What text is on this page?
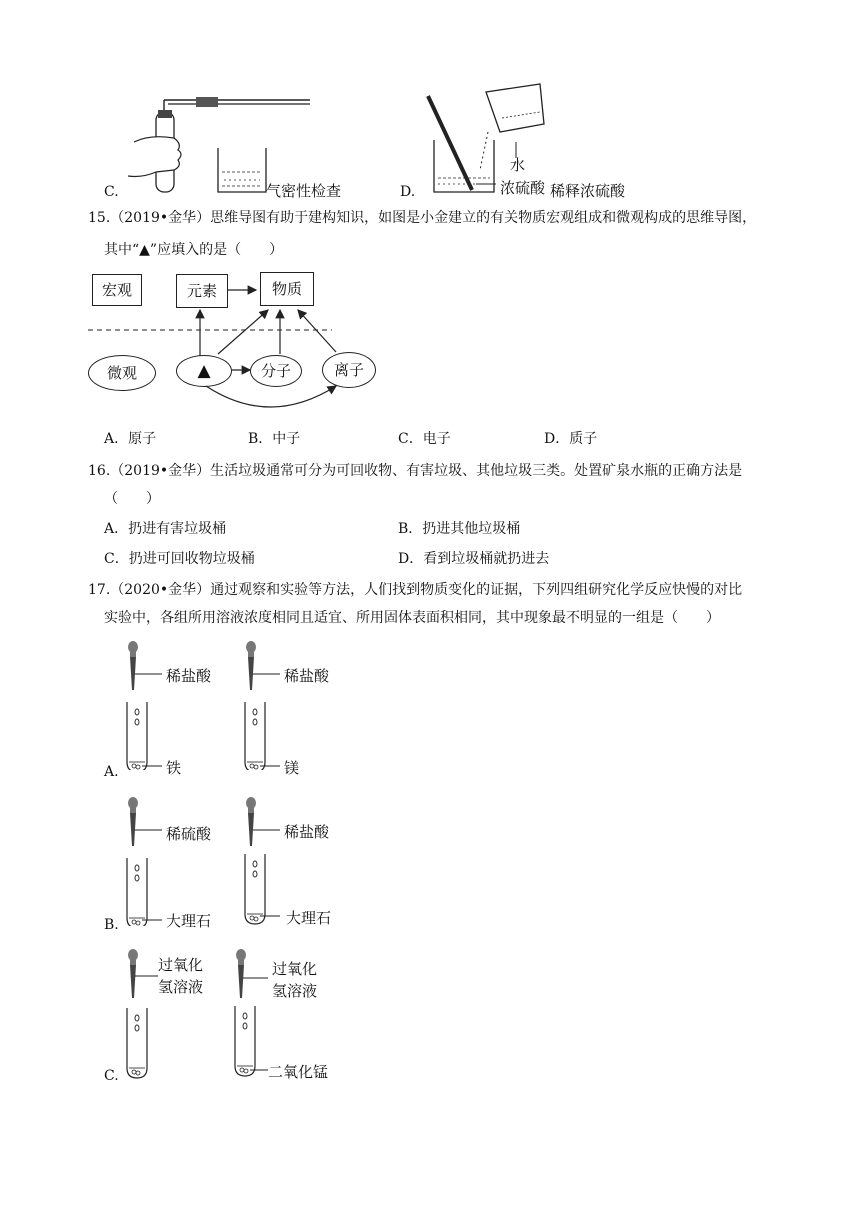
C.	气密性检查	D.
水
浓硫酸 稀释浓硫酸
15.（2019•金华）思维导图有助于建构知识，如图是小金建立的有关物质宏观组成和微观构成的思维导图，
其中“▲”应填入的是（　　）
宏观	元素	物质
微观	▲	分子	离子
A．原子	B．中子	C．电子	D．质子
16.（2019•金华）生活垃圾通常可分为可回收物、有害垃圾、其他垃圾三类。处置矿泉水瓶的正确方法是
（　　）
A．扔进有害垃圾桶	B．扔进其他垃圾桶
C．扔进可回收物垃圾桶	D．看到垃圾桶就扔进去
17.（2020•金华）通过观察和实验等方法，人们找到物质变化的证据，下列四组研究化学反应快慢的对比
实验中，各组所用溶液浓度相同且适宜、所用固体表面积相同，其中现象最不明显的一组是（　　）
稀盐酸
铁
稀盐酸
镁
A.
稀硫酸
大理石
稀盐酸
大理石
B.
过氧化
氢溶液
过氧化
氢溶液
二氧化锰
C.
